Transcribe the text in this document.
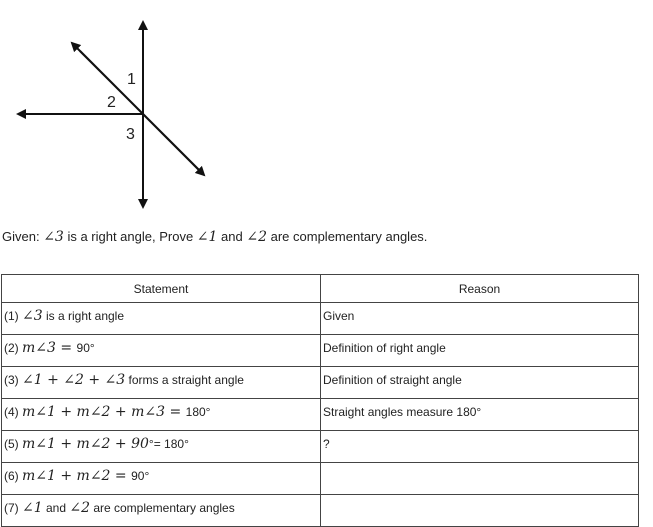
1
2
3
Given: ∠3 is a right angle, Prove ∠1 and ∠2 are complementary angles.
Statement	Reason
(1) ∠3 is a right angle	Given
(2) m∠3 = 90°	Definition of right angle
(3) ∠1 + ∠2 + ∠3 forms a straight angle	Definition of straight angle
(4) m∠1 + m∠2 + m∠3 = 180°	Straight angles measure 180°
(5) m∠1 + m∠2 + 90°= 180°	?
(6) m∠1 + m∠2 = 90°	
(7) ∠1 and ∠2 are complementary angles	
